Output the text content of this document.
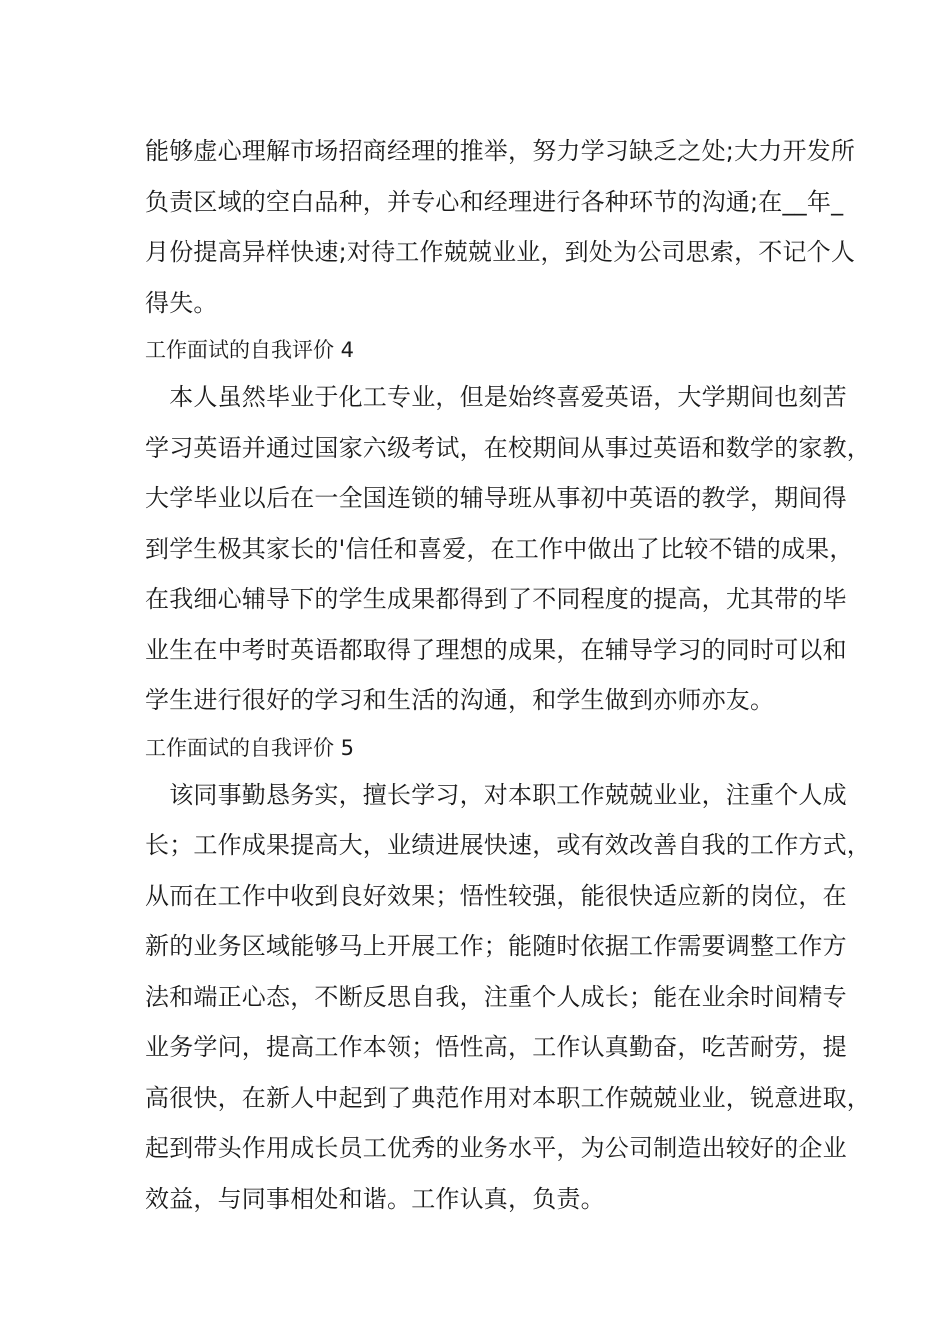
能够虚心理解市场招商经理的推举，努力学习缺乏之处;大力开发所
负责区域的空白品种，并专心和经理进行各种环节的沟通;在__年_
月份提高异样快速;对待工作兢兢业业，到处为公司思索，不记个人
得失。
工作面试的自我评价 4
　本人虽然毕业于化工专业，但是始终喜爱英语，大学期间也刻苦
学习英语并通过国家六级考试，在校期间从事过英语和数学的家教，
大学毕业以后在一全国连锁的辅导班从事初中英语的教学，期间得
到学生极其家长的'信任和喜爱，在工作中做出了比较不错的成果，
在我细心辅导下的学生成果都得到了不同程度的提高，尤其带的毕
业生在中考时英语都取得了理想的成果，在辅导学习的同时可以和
学生进行很好的学习和生活的沟通，和学生做到亦师亦友。
工作面试的自我评价 5
　该同事勤恳务实，擅长学习，对本职工作兢兢业业，注重个人成
长；工作成果提高大，业绩进展快速，或有效改善自我的工作方式，
从而在工作中收到良好效果；悟性较强，能很快适应新的岗位，在
新的业务区域能够马上开展工作；能随时依据工作需要调整工作方
法和端正心态，不断反思自我，注重个人成长；能在业余时间精专
业务学问，提高工作本领；悟性高，工作认真勤奋，吃苦耐劳，提
高很快，在新人中起到了典范作用对本职工作兢兢业业，锐意进取，
起到带头作用成长员工优秀的业务水平，为公司制造出较好的企业
效益，与同事相处和谐。工作认真，负责。
